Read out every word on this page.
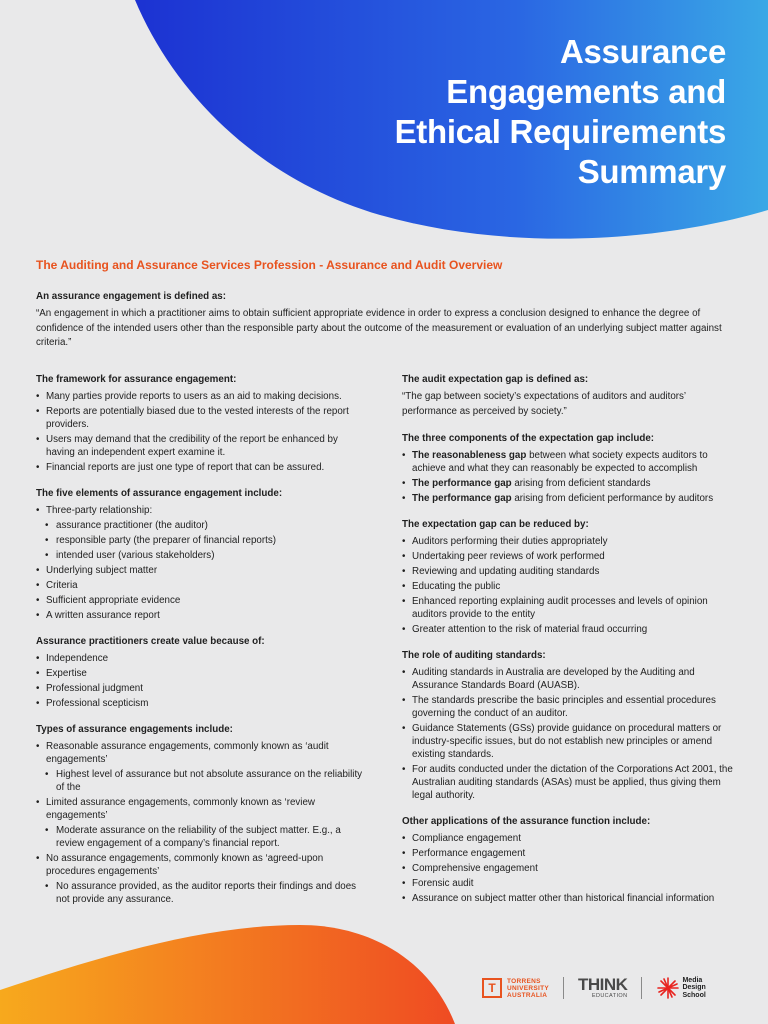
Assurance
Engagements and
Ethical Requirements
Summary
The Auditing and Assurance Services Profession - Assurance and Audit Overview
An assurance engagement is defined as:
“An engagement in which a practitioner aims to obtain sufficient appropriate evidence in order to express a conclusion designed to enhance the degree of confidence of the intended users other than the responsible party about the outcome of the measurement or evaluation of an underlying subject matter against criteria.”
The framework for assurance engagement:
• Many parties provide reports to users as an aid to making decisions.
• Reports are potentially biased due to the vested interests of the report providers.
• Users may demand that the credibility of the report be enhanced by having an independent expert examine it.
• Financial reports are just one type of report that can be assured.
The five elements of assurance engagement include:
• Three-party relationship:
• assurance practitioner (the auditor)
• responsible party (the preparer of financial reports)
• intended user (various stakeholders)
• Underlying subject matter
• Criteria
• Sufficient appropriate evidence
• A written assurance report
Assurance practitioners create value because of:
• Independence
• Expertise
• Professional judgment
• Professional scepticism
Types of assurance engagements include:
• Reasonable assurance engagements, commonly known as ‘audit engagements’
• Highest level of assurance but not absolute assurance on the reliability of the
• Limited assurance engagements, commonly known as ‘review engagements’
• Moderate assurance on the reliability of the subject matter. E.g., a review engagement of a company’s financial report.
• No assurance engagements, commonly known as ‘agreed-upon procedures engagements’
• No assurance provided, as the auditor reports their findings and does not provide any assurance.
The audit expectation gap is defined as:
“The gap between society’s expectations of auditors and auditors’ performance as perceived by society.”
The three components of the expectation gap include:
• The reasonableness gap between what society expects auditors to achieve and what they can reasonably be expected to accomplish
• The performance gap arising from deficient standards
• The performance gap arising from deficient performance by auditors
The expectation gap can be reduced by:
• Auditors performing their duties appropriately
• Undertaking peer reviews of work performed
• Reviewing and updating auditing standards
• Educating the public
• Enhanced reporting explaining audit processes and levels of opinion auditors provide to the entity
• Greater attention to the risk of material fraud occurring
The role of auditing standards:
• Auditing standards in Australia are developed by the Auditing and Assurance Standards Board (AUASB).
• The standards prescribe the basic principles and essential procedures governing the conduct of an auditor.
• Guidance Statements (GSs) provide guidance on procedural matters or industry-specific issues, but do not establish new principles or amend existing standards.
• For audits conducted under the dictation of the Corporations Act 2001, the Australian auditing standards (ASAs) must be applied, thus giving them legal authority.
Other applications of the assurance function include:
• Compliance engagement
• Performance engagement
• Comprehensive engagement
• Forensic audit
• Assurance on subject matter other than historical financial information
T	TORRENS
UNIVERSITY
AUSTRALIA
THINK
EDUCATION
Media
Design
School
